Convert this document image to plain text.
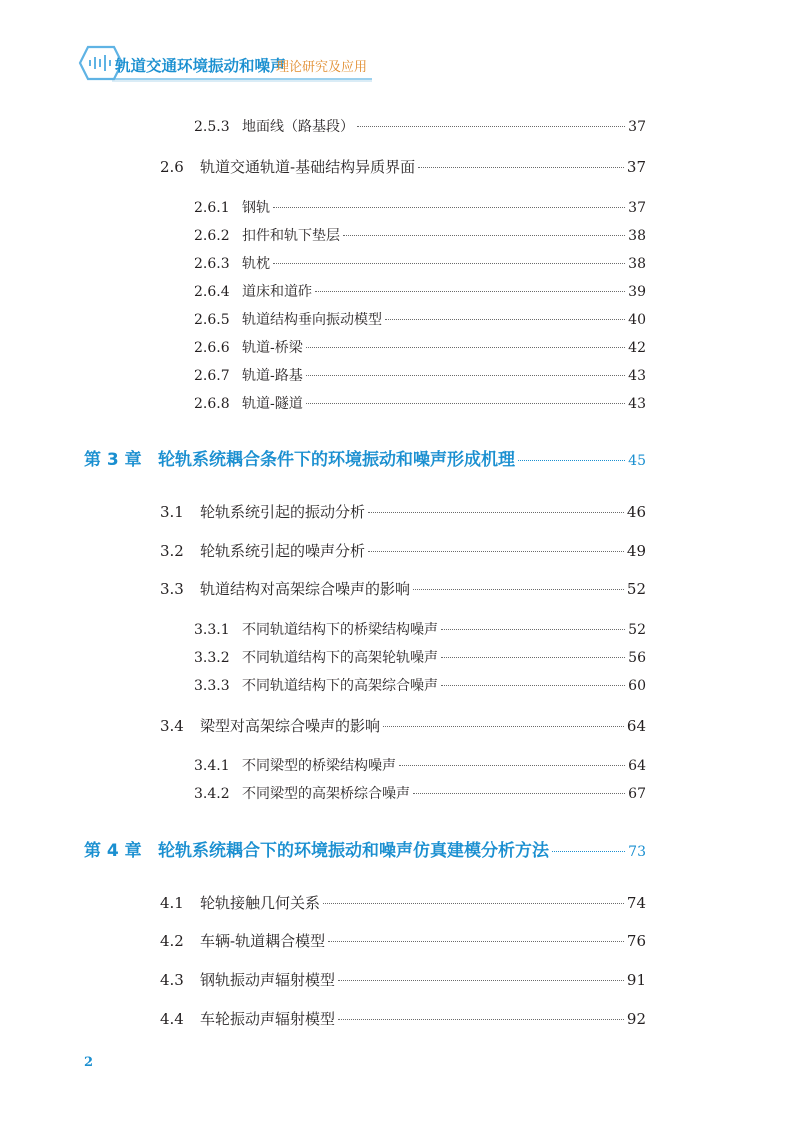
轨道交通环境振动和噪声
理论研究及应用
2.5.3 地面线（路基段）	37
2.6	轨道交通轨道-基础结构异质界面	37
2.6.1 钢轨	37
2.6.2 扣件和轨下垫层	38
2.6.3 轨枕	38
2.6.4 道床和道砟	39
2.6.5 轨道结构垂向振动模型	40
2.6.6 轨道-桥梁	42
2.6.7 轨道-路基	43
2.6.8 轨道-隧道	43
第 3 章 轮轨系统耦合条件下的环境振动和噪声形成机理	45
3.1	轮轨系统引起的振动分析	46
3.2	轮轨系统引起的噪声分析	49
3.3	轨道结构对高架综合噪声的影响	52
3.3.1 不同轨道结构下的桥梁结构噪声	52
3.3.2 不同轨道结构下的高架轮轨噪声	56
3.3.3 不同轨道结构下的高架综合噪声	60
3.4	梁型对高架综合噪声的影响	64
3.4.1 不同梁型的桥梁结构噪声	64
3.4.2 不同梁型的高架桥综合噪声	67
第 4 章 轮轨系统耦合下的环境振动和噪声仿真建模分析方法	73
4.1	轮轨接触几何关系	74
4.2	车辆-轨道耦合模型	76
4.3	钢轨振动声辐射模型	91
4.4	车轮振动声辐射模型	92
2
